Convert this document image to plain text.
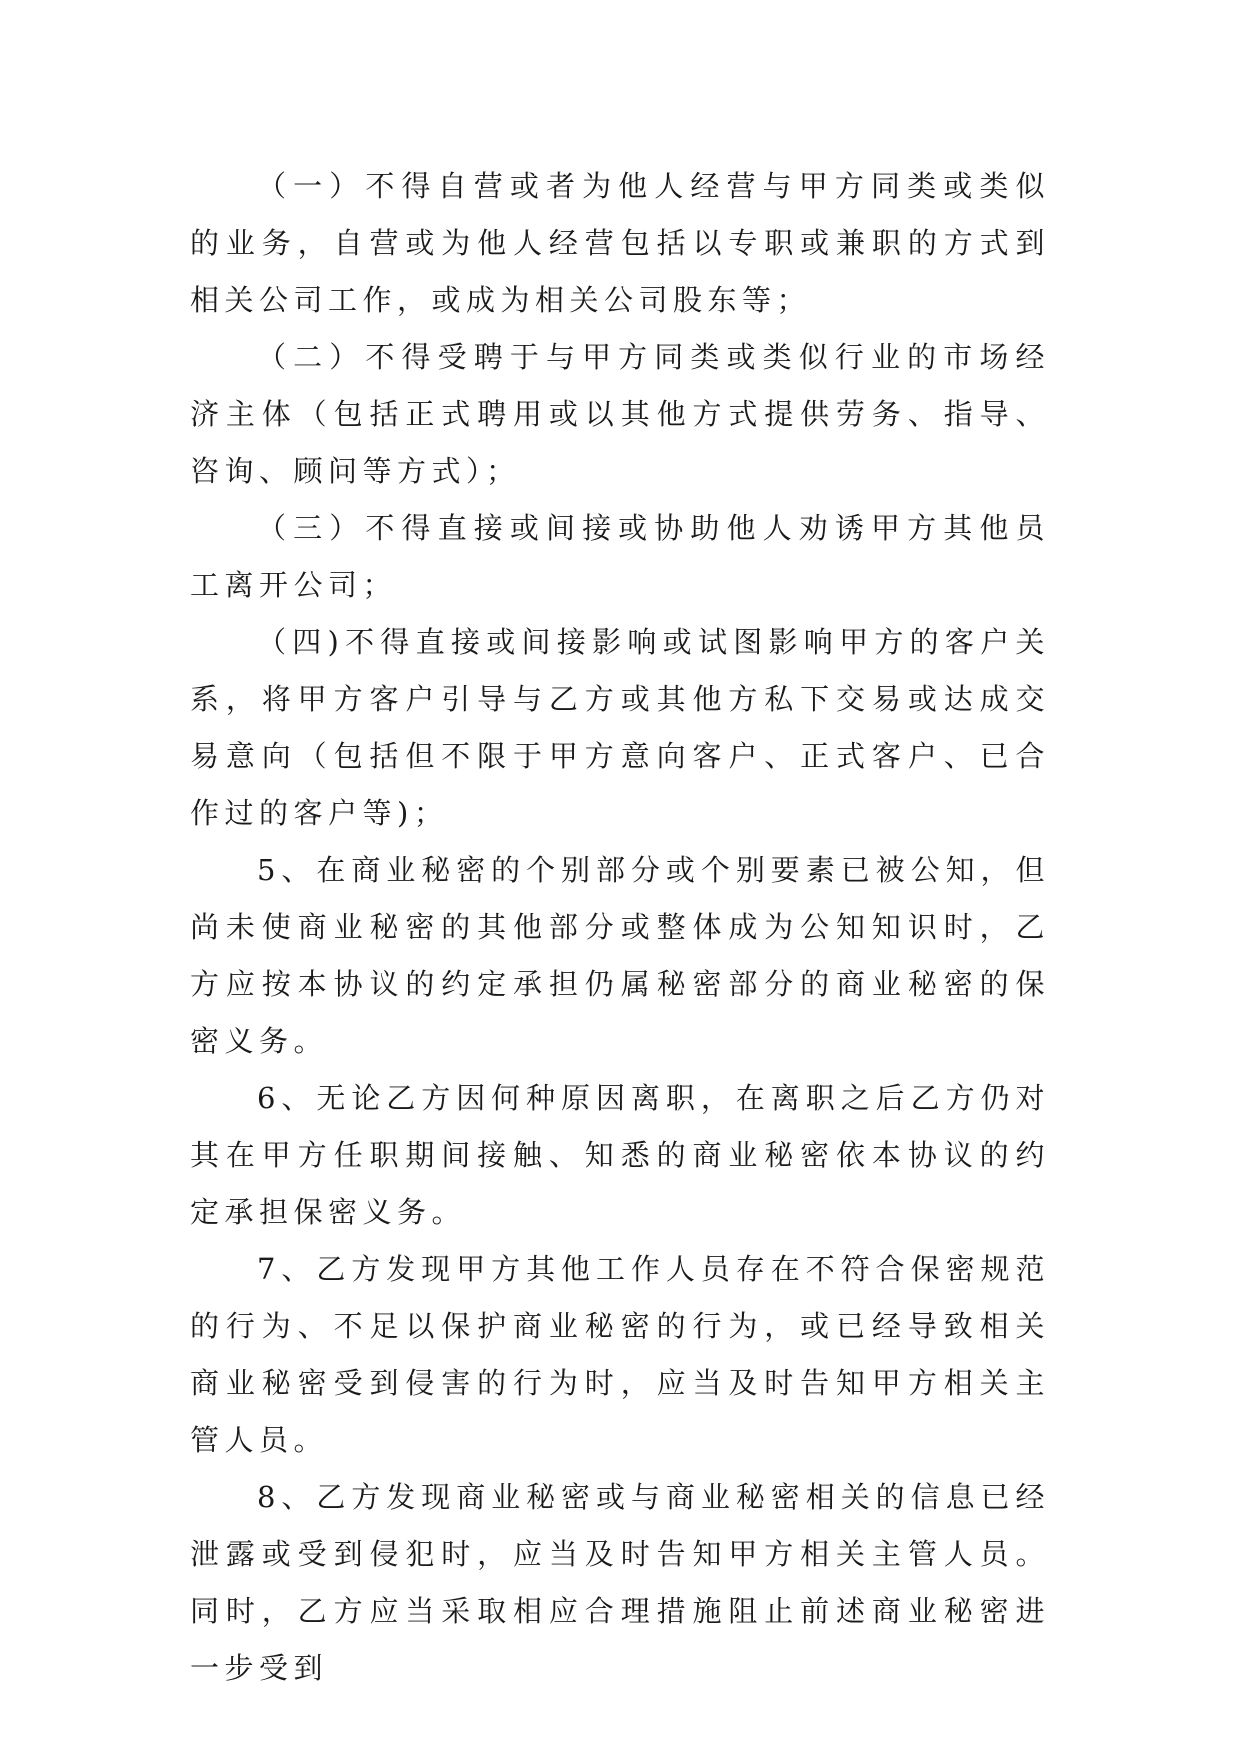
（一）不得自营或者为他人经营与甲方同类或类似的业务，自营或为他人经营包括以专职或兼职的方式到相关公司工作，或成为相关公司股东等；

（二）不得受聘于与甲方同类或类似行业的市场经济主体（包括正式聘用或以其他方式提供劳务、指导、咨询、顾问等方式）；

（三）不得直接或间接或协助他人劝诱甲方其他员工离开公司；

（四)不得直接或间接影响或试图影响甲方的客户关系，将甲方客户引导与乙方或其他方私下交易或达成交易意向（包括但不限于甲方意向客户、正式客户、已合作过的客户等)；

5、在商业秘密的个别部分或个别要素已被公知，但尚未使商业秘密的其他部分或整体成为公知知识时，乙方应按本协议的约定承担仍属秘密部分的商业秘密的保密义务。

6、无论乙方因何种原因离职，在离职之后乙方仍对其在甲方任职期间接触、知悉的商业秘密依本协议的约定承担保密义务。

7、乙方发现甲方其他工作人员存在不符合保密规范的行为、不足以保护商业秘密的行为，或已经导致相关商业秘密受到侵害的行为时，应当及时告知甲方相关主管人员。

8、乙方发现商业秘密或与商业秘密相关的信息已经泄露或受到侵犯时，应当及时告知甲方相关主管人员。同时，乙方应当采取相应合理措施阻止前述商业秘密进一步受到
